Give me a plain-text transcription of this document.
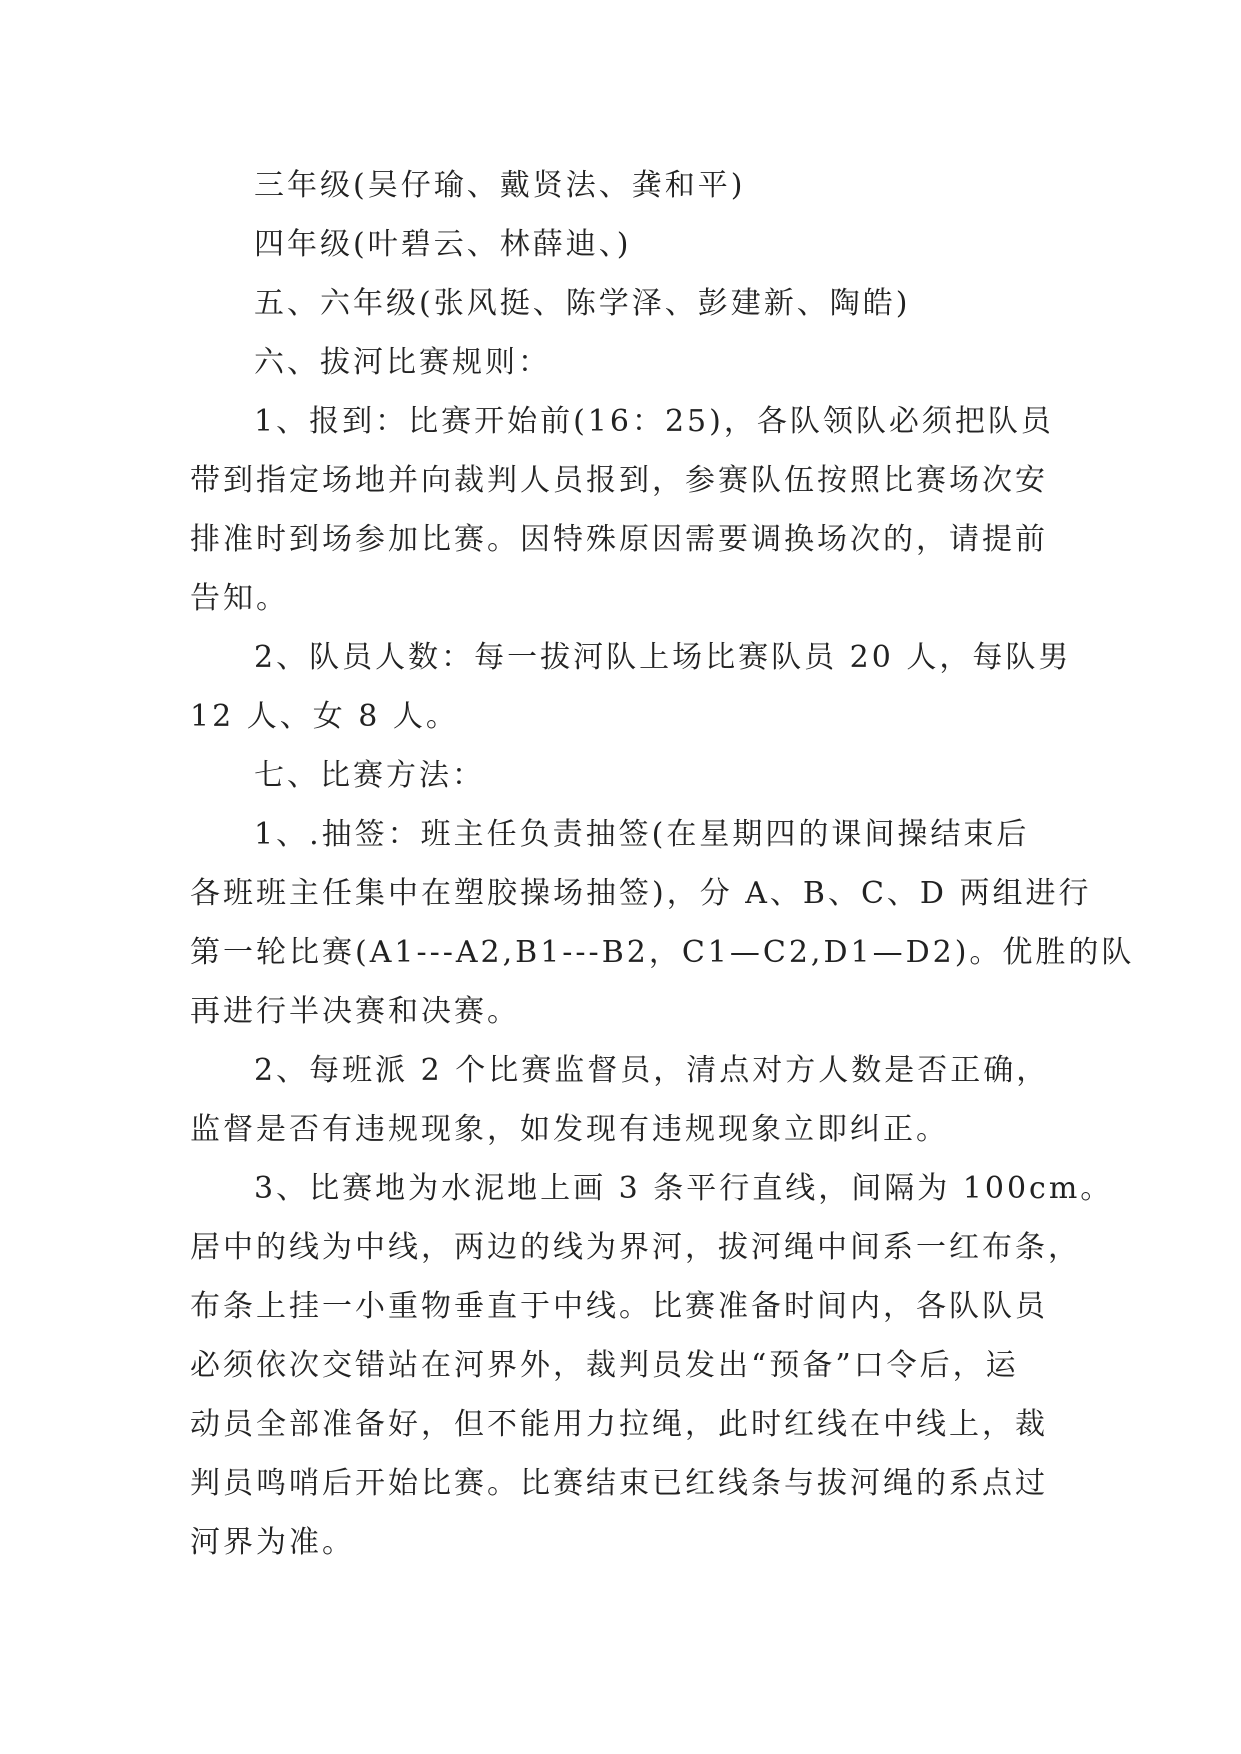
三年级(吴仔瑜、戴贤法、龚和平)
四年级(叶碧云、林薛迪、)
五、六年级(张风挺、陈学泽、彭建新、陶皓)
六、拔河比赛规则：
1、报到：比赛开始前(16：25)，各队领队必须把队员
带到指定场地并向裁判人员报到，参赛队伍按照比赛场次安
排准时到场参加比赛。因特殊原因需要调换场次的，请提前
告知。
2、队员人数：每一拔河队上场比赛队员 20 人，每队男
12 人、女 8 人。
七、比赛方法：
1、.抽签：班主任负责抽签(在星期四的课间操结束后
各班班主任集中在塑胶操场抽签)，分 A、B、C、D 两组进行
第一轮比赛(A1---A2,B1---B2，C1—C2,D1—D2)。优胜的队
再进行半决赛和决赛。
2、每班派 2 个比赛监督员，清点对方人数是否正确，
监督是否有违规现象，如发现有违规现象立即纠正。
3、比赛地为水泥地上画 3 条平行直线，间隔为 100cm。
居中的线为中线，两边的线为界河，拔河绳中间系一红布条，
布条上挂一小重物垂直于中线。比赛准备时间内，各队队员
必须依次交错站在河界外，裁判员发出“预备”口令后，运
动员全部准备好，但不能用力拉绳，此时红线在中线上，裁
判员鸣哨后开始比赛。比赛结束已红线条与拔河绳的系点过
河界为准。
